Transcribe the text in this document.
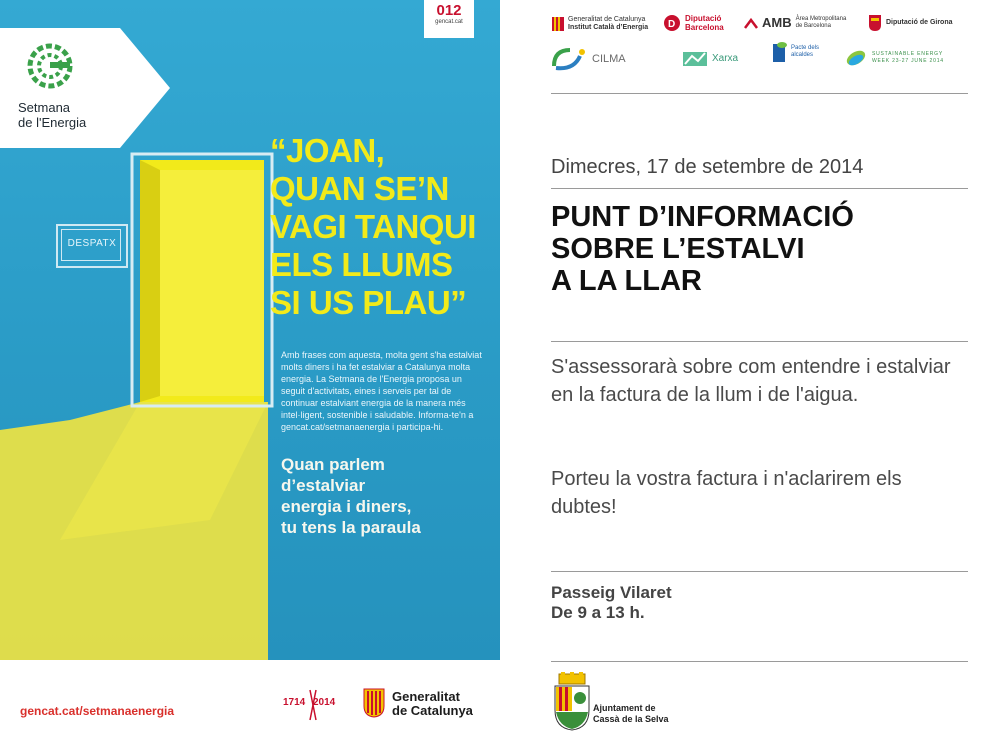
Setmana
de l'Energia
012
gencat.cat
DESPATX
“JOAN,
QUAN SE’N
VAGI TANQUI
ELS LLUMS
SI US PLAU”
Amb frases com aquesta, molta gent s'ha estalviat molts diners i ha fet estalviar a Catalunya molta energia. La Setmana de l'Energia proposa un seguit d'activitats, eines i serveis per tal de continuar estalviant energia de la manera més intel·ligent, sostenible i saludable. Informa-te'n a gencat.cat/setmanaenergia i participa-hi.
Quan parlem
d’estalviar
energia i diners,
tu tens la paraula
gencat.cat/setmanaenergia
1714 2014	Generalitat
de Catalunya
Generalitat de Catalunya
Institut Català d’Energia D
Diputació
Barcelona	AMB Àrea Metropolitana
de Barcelona	Diputació de Girona
CILMA	Xarxa
Pacte dels
alcaldes	SUSTAINABLE ENERGY
WEEK 23-27 JUNE 2014
Dimecres, 17 de setembre de 2014
PUNT D’INFORMACIÓ
SOBRE L’ESTALVI
A LA LLAR
S'assessorarà sobre com entendre i estalviar en la factura de la llum i de l'aigua.
Porteu la vostra factura i n'aclarirem els dubtes!
Passeig Vilaret
De 9 a 13 h.
Ajuntament de
Cassà de la Selva
